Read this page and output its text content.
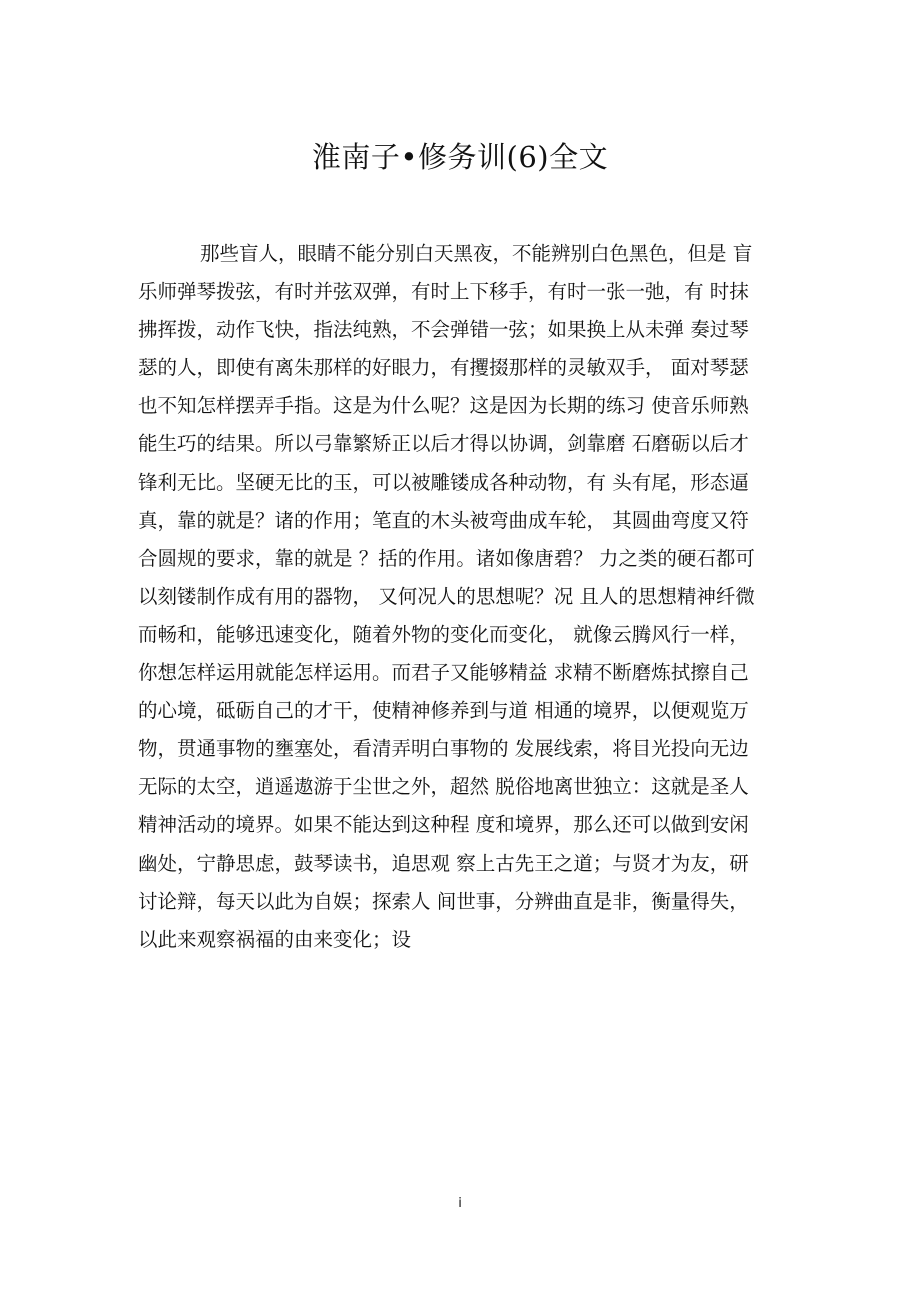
淮南子•修务训(6)全文
那些盲人，眼睛不能分别白天黑夜，不能辨别白色黑色，但是 盲
乐师弹琴拨弦，有时并弦双弹，有时上下移手，有时一张一弛，有 时抹
拂挥拨，动作飞快，指法纯熟，不会弹错一弦；如果换上从未弹 奏过琴
瑟的人，即使有离朱那样的好眼力，有攫掇那样的灵敏双手， 面对琴瑟
也不知怎样摆弄手指。这是为什么呢？这是因为长期的练习 使音乐师熟
能生巧的结果。所以弓靠繁矫正以后才得以协调，剑靠磨 石磨砺以后才
锋利无比。坚硬无比的玉，可以被雕镂成各种动物，有 头有尾，形态逼
真，靠的就是？诸的作用；笔直的木头被弯曲成车轮， 其圆曲弯度又符
合圆规的要求，靠的就是 ？括的作用。诸如像唐碧？ 力之类的硬石都可
以刻镂制作成有用的器物， 又何况人的思想呢？况 且人的思想精神纤微
而畅和，能够迅速变化，随着外物的变化而变化， 就像云腾风行一样，
你想怎样运用就能怎样运用。而君子又能够精益 求精不断磨炼拭擦自己
的心境，砥砺自己的才干，使精神修养到与道 相通的境界，以便观览万
物，贯通事物的壅塞处，看清弄明白事物的 发展线索，将目光投向无边
无际的太空，逍遥遨游于尘世之外，超然 脱俗地离世独立：这就是圣人
精神活动的境界。如果不能达到这种程 度和境界，那么还可以做到安闲
幽处，宁静思虑，鼓琴读书，追思观 察上古先王之道；与贤才为友，研
讨论辩，每天以此为自娱；探索人 间世事，分辨曲直是非，衡量得失，
以此来观察祸福的由来变化；设
i
